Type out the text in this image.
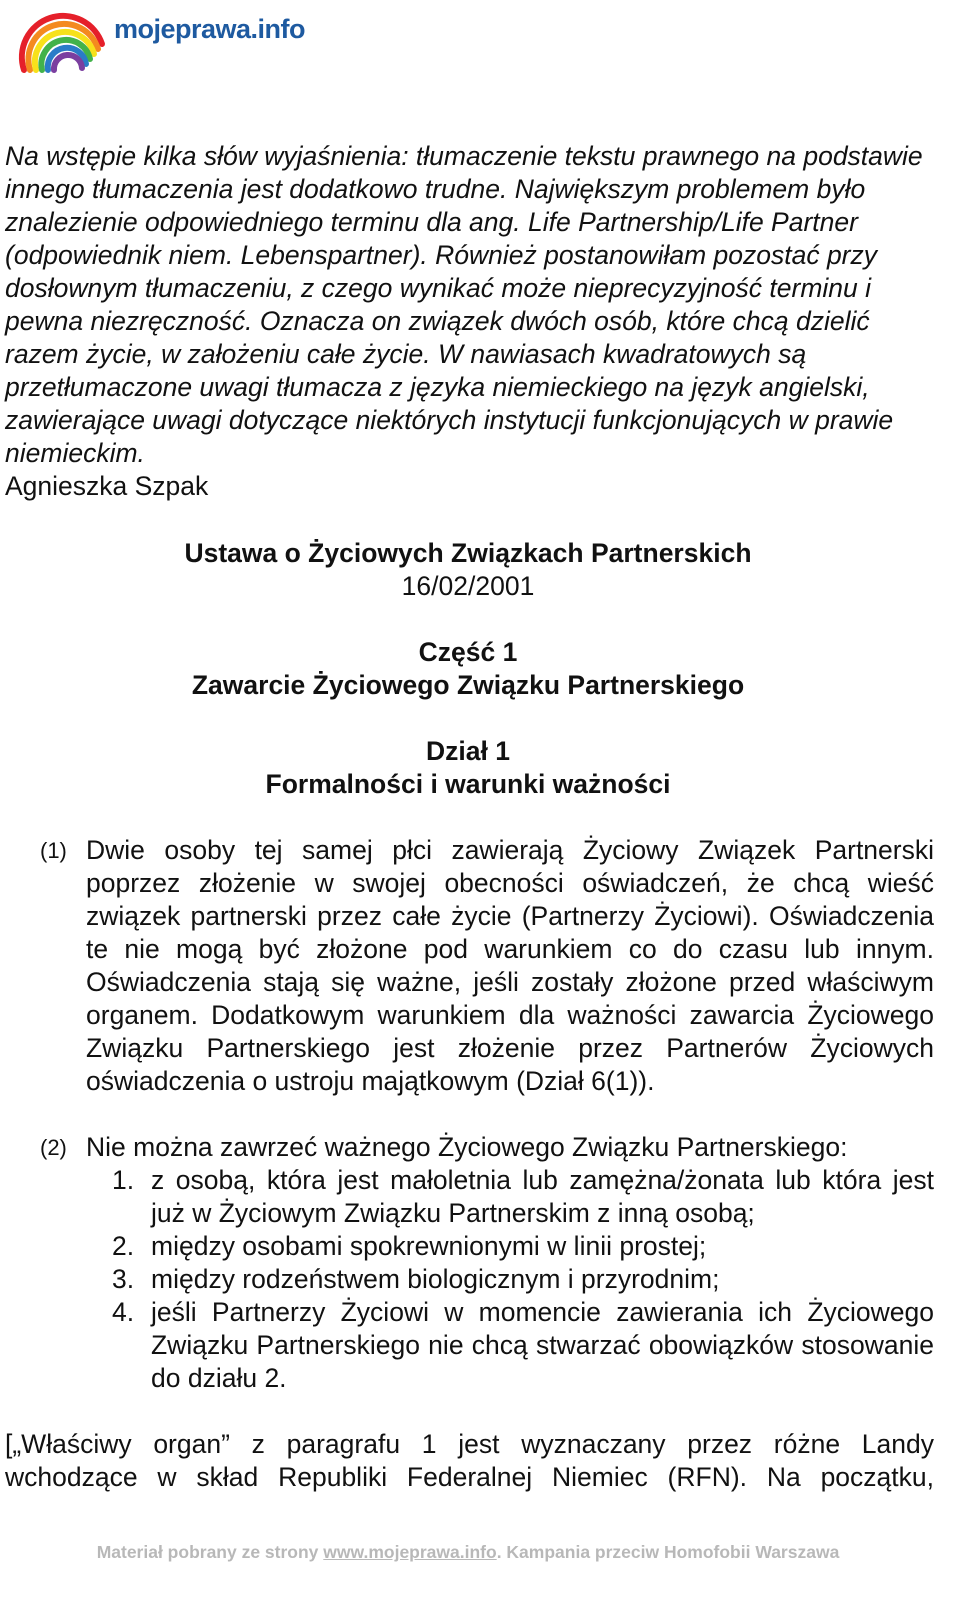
mojeprawa.info

Na wstępie kilka słów wyjaśnienia: tłumaczenie tekstu prawnego na podstawie innego tłumaczenia jest dodatkowo trudne. Największym problemem było znalezienie odpowiedniego terminu dla ang. Life Partnership/Life Partner (odpowiednik niem. Lebenspartner). Również postanowiłam pozostać przy dosłownym tłumaczeniu, z czego wynikać może nieprecyzyjność terminu i pewna niezręczność. Oznacza on związek dwóch osób, które chcą dzielić razem życie, w założeniu całe życie. W nawiasach kwadratowych są przetłumaczone uwagi tłumacza z języka niemieckiego na język angielski, zawierające uwagi dotyczące niektórych instytucji funkcjonujących w prawie niemieckim.
Agnieszka Szpak

Ustawa o Życiowych Związkach Partnerskich
16/02/2001
Część 1
Zawarcie Życiowego Związku Partnerskiego
Dział 1
Formalności i warunki ważności
(1) Dwie osoby tej samej płci zawierają Życiowy Związek Partnerski poprzez złożenie w swojej obecności oświadczeń, że chcą wieść związek partnerski przez całe życie (Partnerzy Życiowi). Oświadczenia te nie mogą być złożone pod warunkiem co do czasu lub innym. Oświadczenia stają się ważne, jeśli zostały złożone przed właściwym organem. Dodatkowym warunkiem dla ważności zawarcia Życiowego Związku Partnerskiego jest złożenie przez Partnerów Życiowych oświadczenia o ustroju majątkowym (Dział 6(1)).
(2) Nie można zawrzeć ważnego Życiowego Związku Partnerskiego:
1. z osobą, która jest małoletnia lub zamężna/żonata lub która jest już w Życiowym Związku Partnerskim z inną osobą;
2. między osobami spokrewnionymi w linii prostej;
3. między rodzeństwem biologicznym i przyrodnim;
4. jeśli Partnerzy Życiowi w momencie zawierania ich Życiowego Związku Partnerskiego nie chcą stwarzać obowiązków stosowanie do działu 2.

[„Właściwy organ” z paragrafu 1 jest wyznaczany przez różne Landy wchodzące w skład Republiki Federalnej Niemiec (RFN). Na początku,

Materiał pobrany ze strony www.mojeprawa.info. Kampania przeciw Homofobii Warszawa
